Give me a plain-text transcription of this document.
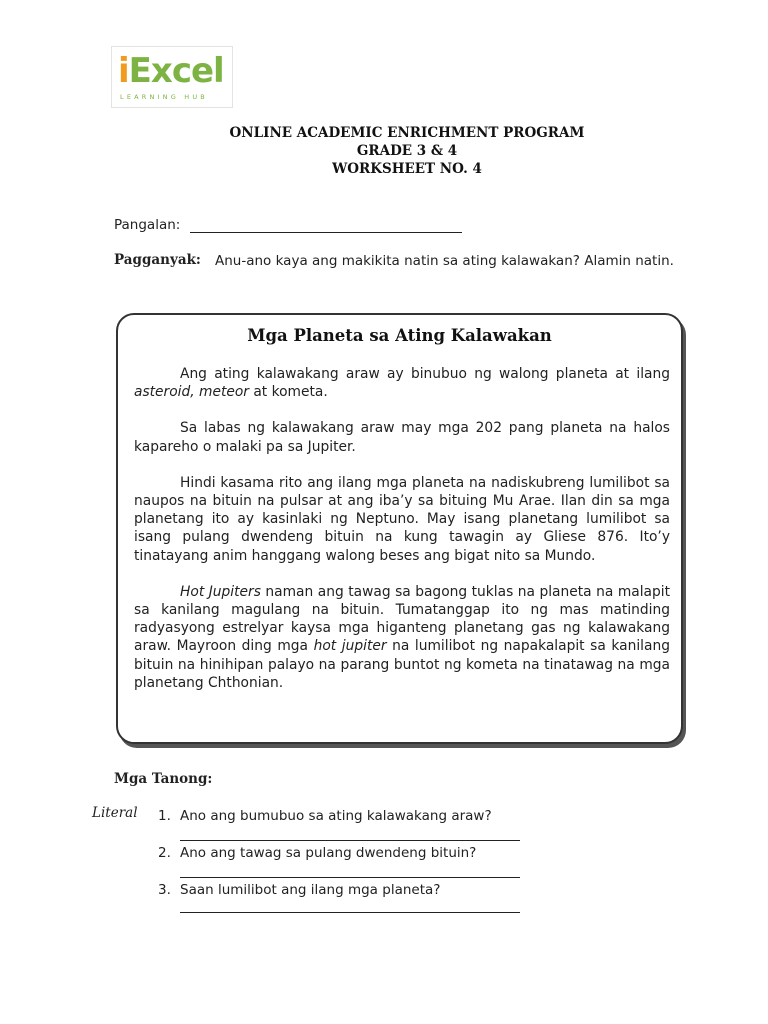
iExcel
LEARNING HUB
ONLINE ACADEMIC ENRICHMENT PROGRAM
GRADE 3 & 4
WORKSHEET NO. 4
Pangalan:
Pagganyak: Anu-ano kaya ang makikita natin sa ating kalawakan? Alamin natin.
Mga Planeta sa Ating Kalawakan

Ang ating kalawakang araw ay binubuo ng walong planeta at ilang asteroid, meteor at kometa.

Sa labas ng kalawakang araw may mga 202 pang planeta na halos kapareho o malaki pa sa Jupiter.

Hindi kasama rito ang ilang mga planeta na nadiskubreng lumilibot sa naupos na bituin na pulsar at ang iba’y sa bituing Mu Arae. Ilan din sa mga planetang ito ay kasinlaki ng Neptuno. May isang planetang lumilibot sa isang pulang dwendeng bituin na kung tawagin ay Gliese 876. Ito’y tinatayang anim hanggang walong beses ang bigat nito sa Mundo.

Hot Jupiters naman ang tawag sa bagong tuklas na planeta na malapit sa kanilang magulang na bituin. Tumatanggap ito ng mas matinding radyasyong estrelyar kaysa mga higanteng planetang gas ng kalawakang araw. Mayroon ding mga hot jupiter na lumilibot ng napakalapit sa kanilang bituin na hinihipan palayo na parang buntot ng kometa na tinatawag na mga planetang Chthonian.

Mga Tanong:
Literal 1. Ano ang bumubuo sa ating kalawakang araw?
2. Ano ang tawag sa pulang dwendeng bituin?
3. Saan lumilibot ang ilang mga planeta?
